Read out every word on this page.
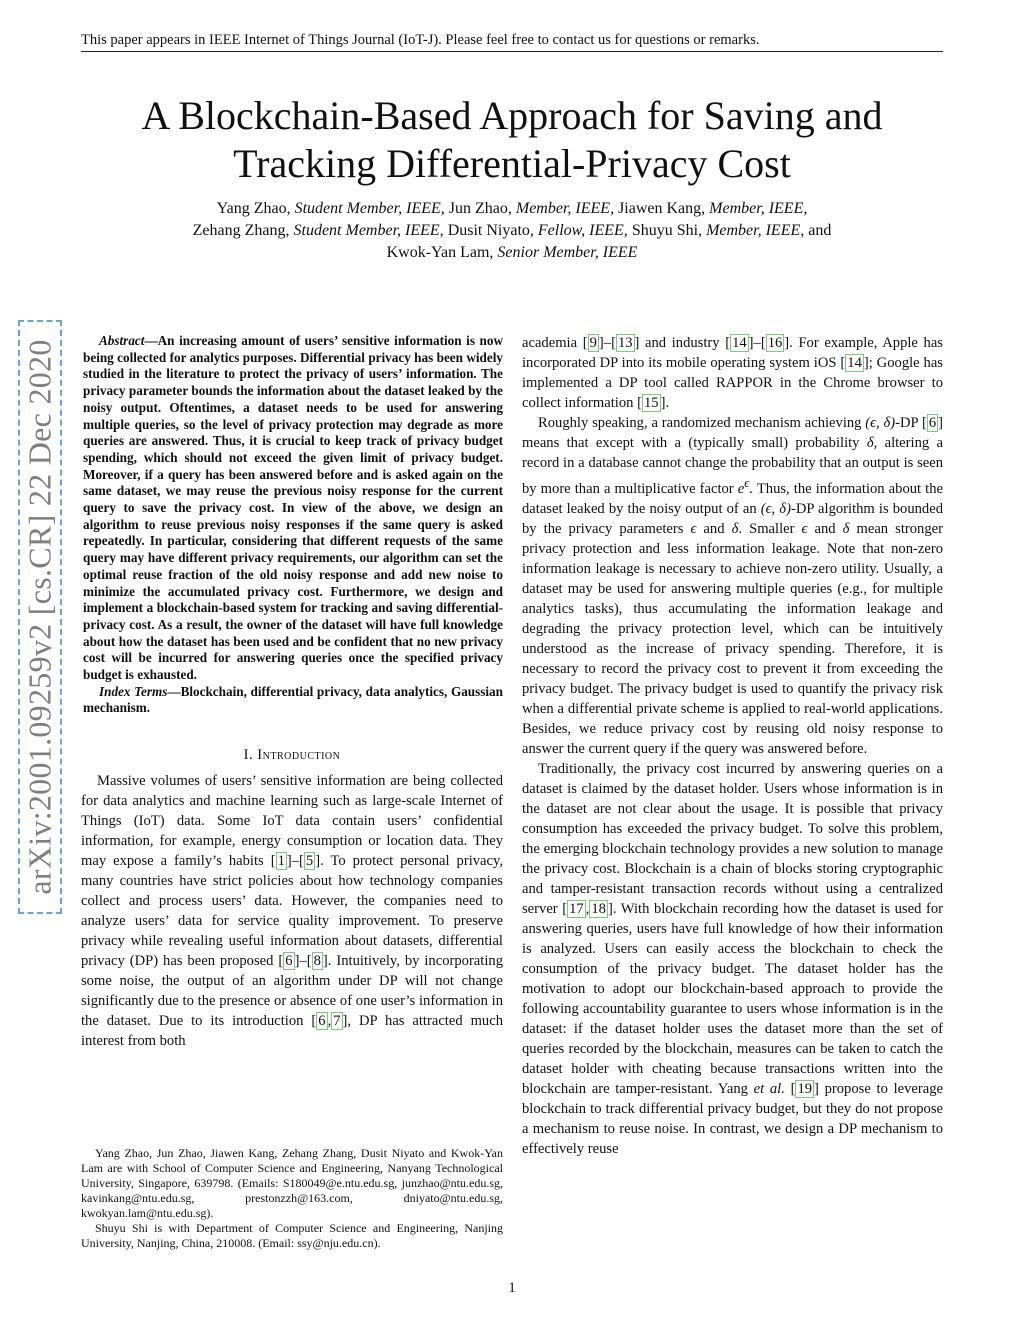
This paper appears in IEEE Internet of Things Journal (IoT-J). Please feel free to contact us for questions or remarks.
A Blockchain-Based Approach for Saving and
Tracking Differential-Privacy Cost
Yang Zhao, Student Member, IEEE, Jun Zhao, Member, IEEE, Jiawen Kang, Member, IEEE,
Zehang Zhang, Student Member, IEEE, Dusit Niyato, Fellow, IEEE, Shuyu Shi, Member, IEEE, and
Kwok-Yan Lam, Senior Member, IEEE
arXiv:2001.09259v2 [cs.CR] 22 Dec 2020	Abstract—An increasing amount of users’ sensitive information is now being collected for analytics purposes. Differential privacy has been widely studied in the literature to protect the privacy of users’ information. The privacy parameter bounds the information about the dataset leaked by the noisy output. Oftentimes, a dataset needs to be used for answering multiple queries, so the level of privacy protection may degrade as more queries are answered. Thus, it is crucial to keep track of privacy budget spending, which should not exceed the given limit of privacy budget. Moreover, if a query has been answered before and is asked again on the same dataset, we may reuse the previous noisy response for the current query to save the privacy cost. In view of the above, we design an algorithm to reuse previous noisy responses if the same query is asked repeatedly. In particular, considering that different requests of the same query may have different privacy requirements, our algorithm can set the optimal reuse fraction of the old noisy response and add new noise to minimize the accumulated privacy cost. Furthermore, we design and implement a blockchain-based system for tracking and saving differential-privacy cost. As a result, the owner of the dataset will have full knowledge about how the dataset has been used and be confident that no new privacy cost will be incurred for answering queries once the specified privacy budget is exhausted.

Index Terms—Blockchain, differential privacy, data analytics, Gaussian mechanism.

I. Introduction

Massive volumes of users’ sensitive information are being collected for data analytics and machine learning such as large-scale Internet of Things (IoT) data. Some IoT data contain users’ confidential information, for example, energy consumption or location data. They may expose a family’s habits [ 1 ]–[ 5 ]. To protect personal privacy, many countries have strict policies about how technology companies collect and process users’ data. However, the companies need to analyze users’ data for service quality improvement. To preserve privacy while revealing useful information about datasets, differential privacy (DP) has been proposed [ 6 ]–[ 8 ]. Intuitively, by incorporating some noise, the output of an algorithm under DP will not change significantly due to the presence or absence of one user’s information in the dataset. Due to its introduction [ 6 , 7 ], DP has attracted much interest from both

Yang Zhao, Jun Zhao, Jiawen Kang, Zehang Zhang, Dusit Niyato and Kwok-Yan Lam are with School of Computer Science and Engineering, Nanyang Technological University, Singapore, 639798. (Emails: S180049@e.ntu.edu.sg, junzhao@ntu.edu.sg, kavinkang@ntu.edu.sg, prestonzzh@163.com, dniyato@ntu.edu.sg, kwokyan.lam@ntu.edu.sg).

Shuyu Shi is with Department of Computer Science and Engineering, Nanjing University, Nanjing, China, 210008. (Email: ssy@nju.edu.cn).

academia [ 9 ]–[ 13 ] and industry [ 14 ]–[ 16 ]. For example, Apple has incorporated DP into its mobile operating system iOS [ 14 ]; Google has implemented a DP tool called RAPPOR in the Chrome browser to collect information [ 15 ].

Roughly speaking, a randomized mechanism achieving (ϵ, δ)-DP [ 6 ] means that except with a (typically small) probability δ, altering a record in a database cannot change the probability that an output is seen by more than a multiplicative factor $e^\epsilon$. Thus, the information about the dataset leaked by the noisy output of an (ϵ, δ)-DP algorithm is bounded by the privacy parameters ϵ and δ. Smaller ϵ and δ mean stronger privacy protection and less information leakage. Note that non-zero information leakage is necessary to achieve non-zero utility. Usually, a dataset may be used for answering multiple queries (e.g., for multiple analytics tasks), thus accumulating the information leakage and degrading the privacy protection level, which can be intuitively understood as the increase of privacy spending. Therefore, it is necessary to record the privacy cost to prevent it from exceeding the privacy budget. The privacy budget is used to quantify the privacy risk when a differential private scheme is applied to real-world applications. Besides, we reduce privacy cost by reusing old noisy response to answer the current query if the query was answered before.

Traditionally, the privacy cost incurred by answering queries on a dataset is claimed by the dataset holder. Users whose information is in the dataset are not clear about the usage. It is possible that privacy consumption has exceeded the privacy budget. To solve this problem, the emerging blockchain technology provides a new solution to manage the privacy cost. Blockchain is a chain of blocks storing cryptographic and tamper-resistant transaction records without using a centralized server [ 17 , 18 ]. With blockchain recording how the dataset is used for answering queries, users have full knowledge of how their information is analyzed. Users can easily access the blockchain to check the consumption of the privacy budget. The dataset holder has the motivation to adopt our blockchain-based approach to provide the following accountability guarantee to users whose information is in the dataset: if the dataset holder uses the dataset more than the set of queries recorded by the blockchain, measures can be taken to catch the dataset holder with cheating because transactions written into the blockchain are tamper-resistant. Yang et al. [ 19 ] propose to leverage blockchain to track differential privacy budget, but they do not propose a mechanism to reuse noise. In contrast, we design a DP mechanism to effectively reuse

1
